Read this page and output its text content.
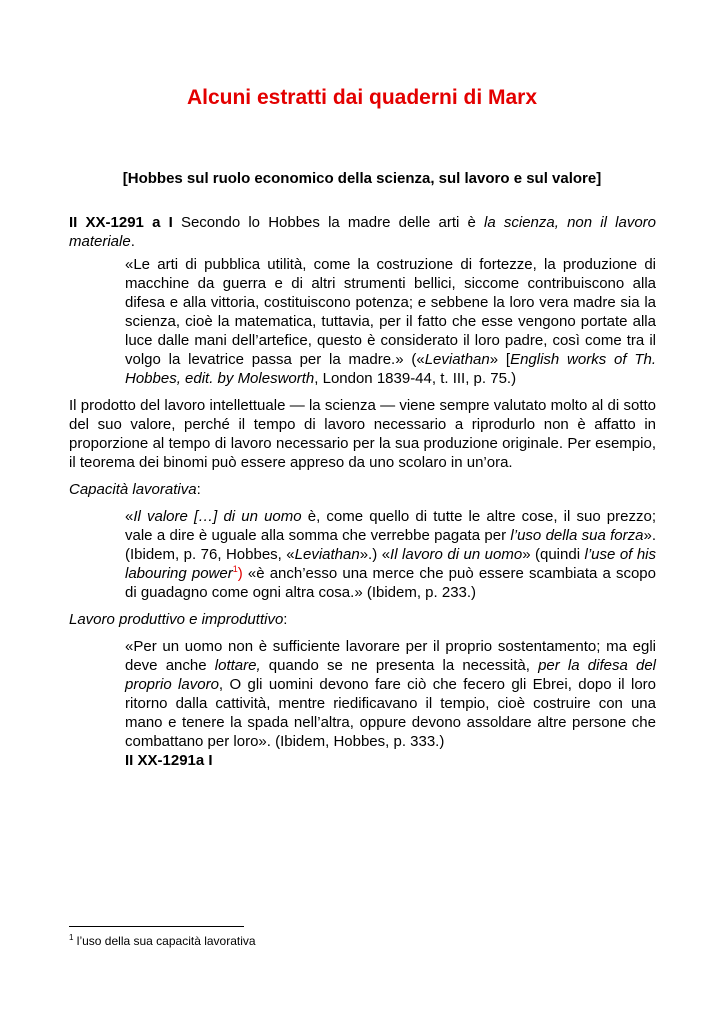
Alcuni estratti dai quaderni di Marx
[Hobbes sul ruolo economico della scienza, sul lavoro e sul valore]

II XX-1291 a I Secondo lo Hobbes la madre delle arti è la scienza, non il lavoro materiale.

«Le arti di pubblica utilità, come la costruzione di fortezze, la produzione di macchine da guerra e di altri strumenti bellici, siccome contribuiscono alla difesa e alla vittoria, costituiscono potenza; e sebbene la loro vera madre sia la scienza, cioè la matematica, tuttavia, per il fatto che esse vengono portate alla luce dalle mani dell’artefice, questo è considerato il loro padre, così come tra il volgo la levatrice passa per la madre.» («Leviathan» [English works of Th. Hobbes, edit. by Molesworth, London 1839-44, t. III, p. 75.)

Il prodotto del lavoro intellettuale — la scienza — viene sempre valutato molto al di sotto del suo valore, perché il tempo di lavoro necessario a riprodurlo non è affatto in proporzione al tempo di lavoro necessario per la sua produzione originale. Per esempio, il teorema dei binomi può essere appreso da uno scolaro in un’ora.

Capacità lavorativa:

«Il valore […] di un uomo è, come quello di tutte le altre cose, il suo prezzo; vale a dire è uguale alla somma che verrebbe pagata per l’uso della sua forza». (Ibidem, p. 76, Hobbes, «Leviathan».) «Il lavoro di un uomo» (quindi l’use of his labouring power$^1$) «è anch’esso una merce che può essere scambiata a scopo di guadagno come ogni altra cosa.» (Ibidem, p. 233.)

Lavoro produttivo e improduttivo:

«Per un uomo non è sufficiente lavorare per il proprio sostentamento; ma egli deve anche lottare, quando se ne presenta la necessità, per la difesa del proprio lavoro, O gli uomini devono fare ciò che fecero gli Ebrei, dopo il loro ritorno dalla cattività, mentre riedificavano il tempio, cioè costruire con una mano e tenere la spada nell’altra, oppure devono assoldare altre persone che combattano per loro». (Ibidem, Hobbes, p. 333.)
II XX-1291a I

$^1$ l’uso della sua capacità lavorativa
